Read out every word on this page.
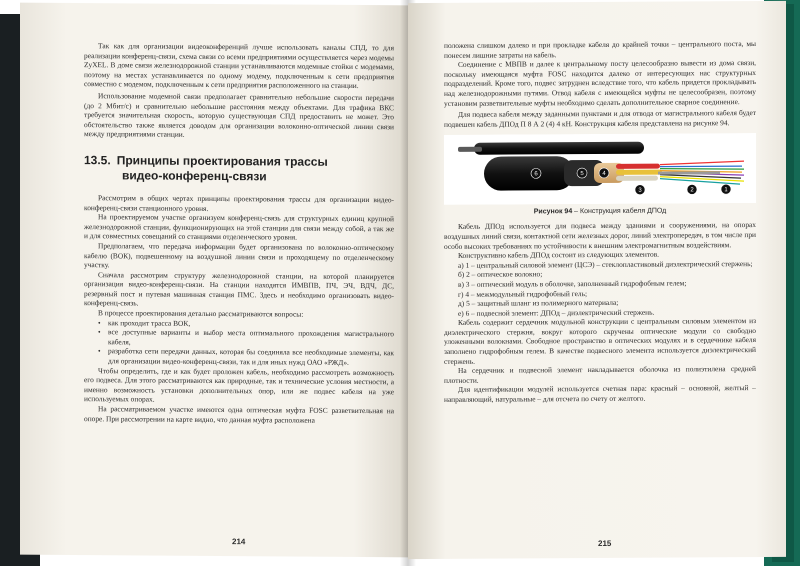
Так как для организации видеоконференций лучше использовать каналы СПД, то для реализации конференц-связи, схема связи со всеми предприятиями осуществляется через модемы ZyXEL. В доме связи железнодорожной станции устанавливаются модемные стойки с модемами, поэтому на местах устанавливается по одному модему, подключенным к сети предприятия совместно с модемом, подключенным к сети предприятия расположенного на станции.

Использование модемной связи предполагает сравнительно небольшие скорости передачи (до 2 Мбит/с) и сравнительно небольшие расстояния между объектами. Для трафика ВКС требуется значительная скорость, которую существующая СПД предоставить не может. Это обстоятельство также является доводом для организации волоконно-оптической линии связи между предприятиями станции.

13.5. Принципы проектирования трассы
видео-конференц-связи

Рассмотрим в общих чертах принципы проектирования трассы для организации видео-конференц-связи станционного уровня.

На проектируемом участке организуем конференц-связь для структурных единиц крупной железнодорожной станции, функционирующих на этой станции для связи между собой, а так же и для совместных совещаний со станциями отделенческого уровня.

Предполагаем, что передача информации будет организована по волоконно-оптическому кабелю (ВОК), подвешенному на воздушной линии связи и проходящему по отделенческому участку.

Сначала рассмотрим структуру железнодорожной станции, на которой планируется организация видео-конференц-связи. На станции находятся ИМВПВ, ПЧ, ЭЧ, ВДЧ, ДС, резервный пост и путевая машинная станция ПМС. Здесь и необходимо организовать видео-конференц-связь.

В процессе проектирования детально рассматриваются вопросы:

• как проходит трасса ВОК,
• все доступные варианты и выбор места оптимального прохождения магистрального кабеля,
• разработка сети передачи данных, которая бы соединяла все необходимые элементы, как для организации видео-конференц-связи, так и для иных нужд ОАО «РЖД».

Чтобы определить, где и как будет проложен кабель, необходимо рассмотреть возможность его подвеса. Для этого рассматриваются как природные, так и технические условия местности, а именно возможность установки дополнительных опор, или же подвес кабеля на уже используемых опорах.

На рассматриваемом участке имеются одна оптическая муфта FOSC разветвительная на опоре. При рассмотрении на карте видно, что данная муфта расположена

214

положена слишком далеко и при прокладке кабеля до крайней точки – центрального поста, мы понесем лишние затраты на кабель.

Соединение с МВПВ и далее к центральному посту целесообразно вывести из дома связи, поскольку имеющаяся муфта FOSC находится далеко от интересующих нас структурных подразделений. Кроме того, подвес затруднен вследствие того, что кабель придется прокладывать над железнодорожными путями. Отвод кабеля с имеющейся муфты не целесообразен, поэтому установим разветвительные муфты необходимо сделать дополнительное сварное соединение.

Для подвеса кабеля между заданными пунктами и для отвода от магистрального кабеля будет подвешен кабель ДПОд П 8 А 2 (4) 4 кН. Конструкция кабеля представлена на рисунке 94.

6	5	4
3	2	1
Рисунок 94 – Конструкция кабеля ДПОд

Кабель ДПОд используется для подвеса между зданиями и сооружениями, на опорах воздушных линий связи, контактной сети железных дорог, линий электропередач, в том числе при особо высоких требованиях по устойчивости к внешним электромагнитным воздействиям.

Конструктивно кабель ДПОд состоит из следующих элементов.

а) 1 – центральный силовой элемент (ЦСЭ) – стеклопластиковый диэлектрический стержень;

б) 2 – оптическое волокно;

в) 3 – оптический модуль в оболочке, заполненный гидрофобным гелем;

г) 4 – межмодульный гидрофобный гель;

д) 5 – защитный шланг из полимерного материала;

е) 6 – подвесной элемент: ДПОд – диэлектрический стержень.

Кабель содержит сердечник модульной конструкции с центральным силовым элементом из диэлектрического стержня, вокруг которого скручены оптические модули со свободно уложенными волокнами. Свободное пространство в оптических модулях и в сердечнике кабеля заполнено гидрофобным гелем. В качестве подвесного элемента используется диэлектрический стержень.

На сердечник и подвесной элемент накладывается оболочка из полиэтилена средней плотности.

Для идентификации модулей используется счетная пара: красный – основной, желтый – направляющий, натуральные – для отсчета по счету от желтого.

215
